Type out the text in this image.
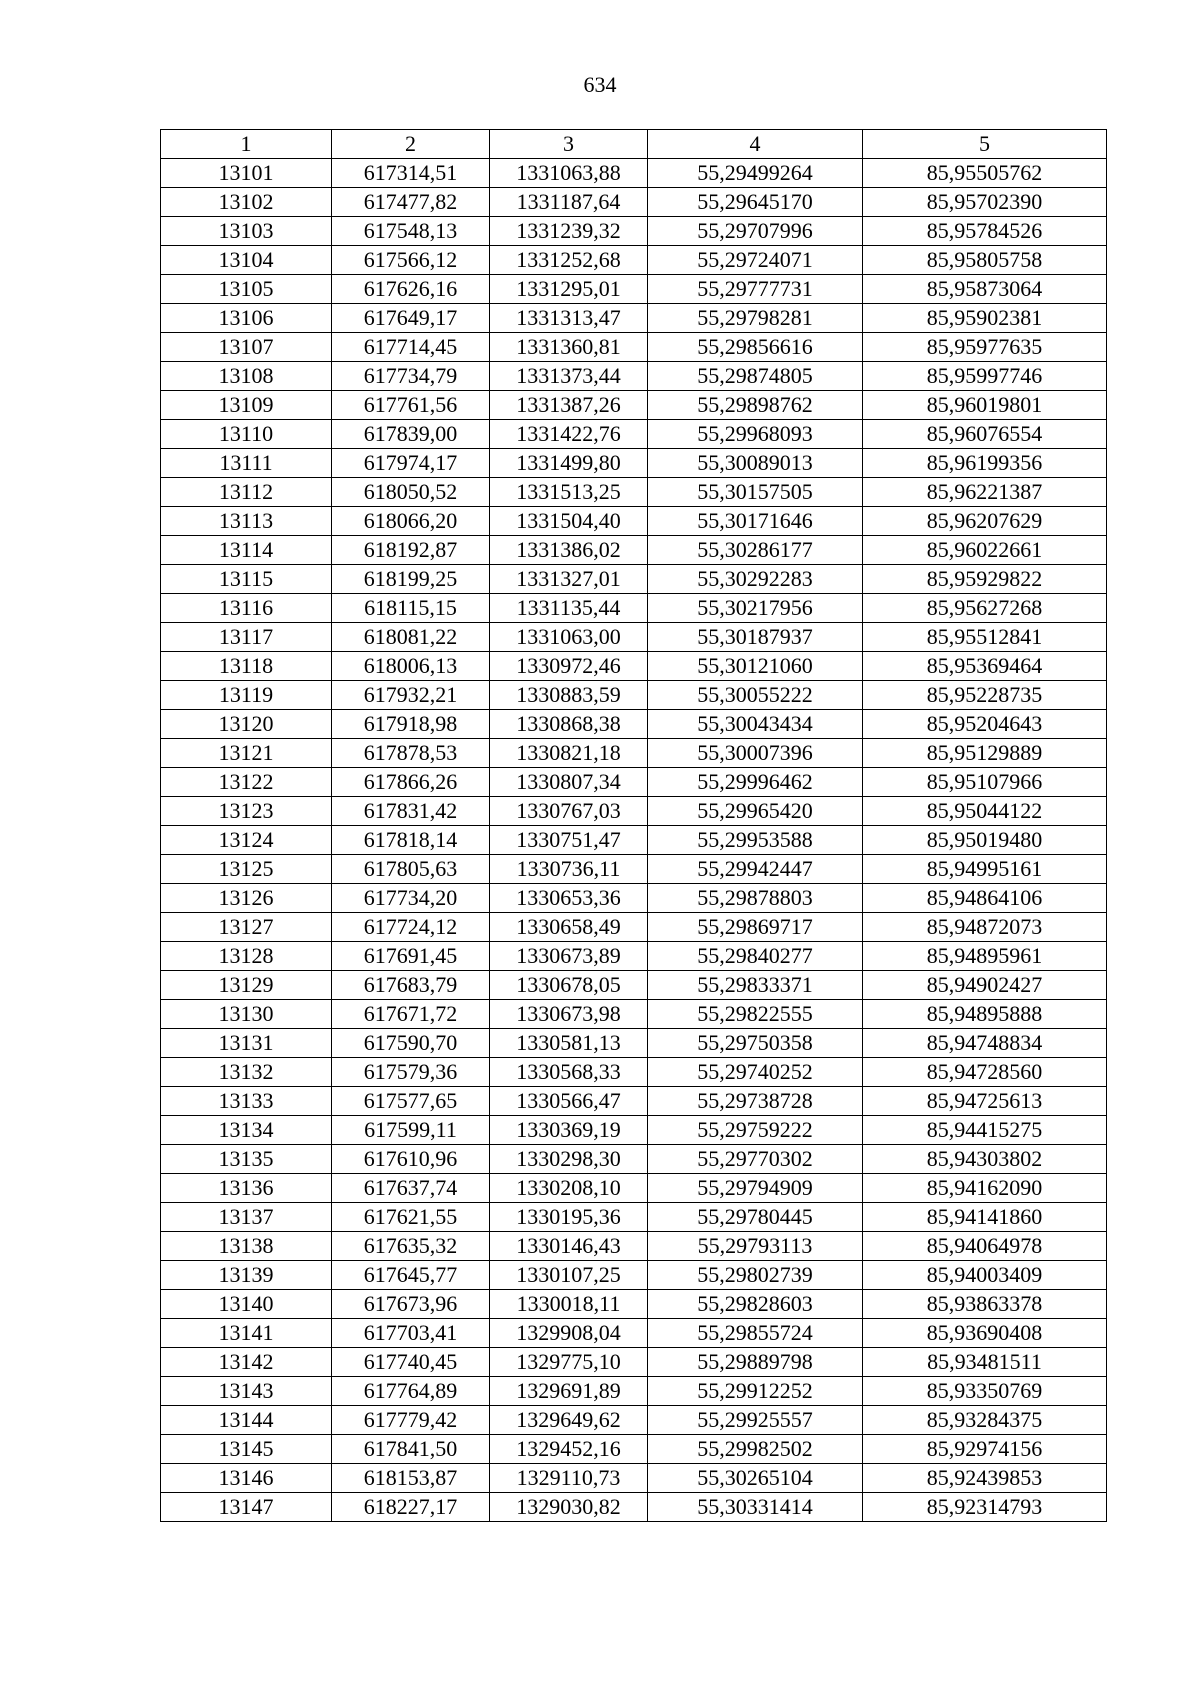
634
1	2	3	4	5
13101	617314,51	1331063,88	55,29499264	85,95505762
13102	617477,82	1331187,64	55,29645170	85,95702390
13103	617548,13	1331239,32	55,29707996	85,95784526
13104	617566,12	1331252,68	55,29724071	85,95805758
13105	617626,16	1331295,01	55,29777731	85,95873064
13106	617649,17	1331313,47	55,29798281	85,95902381
13107	617714,45	1331360,81	55,29856616	85,95977635
13108	617734,79	1331373,44	55,29874805	85,95997746
13109	617761,56	1331387,26	55,29898762	85,96019801
13110	617839,00	1331422,76	55,29968093	85,96076554
13111	617974,17	1331499,80	55,30089013	85,96199356
13112	618050,52	1331513,25	55,30157505	85,96221387
13113	618066,20	1331504,40	55,30171646	85,96207629
13114	618192,87	1331386,02	55,30286177	85,96022661
13115	618199,25	1331327,01	55,30292283	85,95929822
13116	618115,15	1331135,44	55,30217956	85,95627268
13117	618081,22	1331063,00	55,30187937	85,95512841
13118	618006,13	1330972,46	55,30121060	85,95369464
13119	617932,21	1330883,59	55,30055222	85,95228735
13120	617918,98	1330868,38	55,30043434	85,95204643
13121	617878,53	1330821,18	55,30007396	85,95129889
13122	617866,26	1330807,34	55,29996462	85,95107966
13123	617831,42	1330767,03	55,29965420	85,95044122
13124	617818,14	1330751,47	55,29953588	85,95019480
13125	617805,63	1330736,11	55,29942447	85,94995161
13126	617734,20	1330653,36	55,29878803	85,94864106
13127	617724,12	1330658,49	55,29869717	85,94872073
13128	617691,45	1330673,89	55,29840277	85,94895961
13129	617683,79	1330678,05	55,29833371	85,94902427
13130	617671,72	1330673,98	55,29822555	85,94895888
13131	617590,70	1330581,13	55,29750358	85,94748834
13132	617579,36	1330568,33	55,29740252	85,94728560
13133	617577,65	1330566,47	55,29738728	85,94725613
13134	617599,11	1330369,19	55,29759222	85,94415275
13135	617610,96	1330298,30	55,29770302	85,94303802
13136	617637,74	1330208,10	55,29794909	85,94162090
13137	617621,55	1330195,36	55,29780445	85,94141860
13138	617635,32	1330146,43	55,29793113	85,94064978
13139	617645,77	1330107,25	55,29802739	85,94003409
13140	617673,96	1330018,11	55,29828603	85,93863378
13141	617703,41	1329908,04	55,29855724	85,93690408
13142	617740,45	1329775,10	55,29889798	85,93481511
13143	617764,89	1329691,89	55,29912252	85,93350769
13144	617779,42	1329649,62	55,29925557	85,93284375
13145	617841,50	1329452,16	55,29982502	85,92974156
13146	618153,87	1329110,73	55,30265104	85,92439853
13147	618227,17	1329030,82	55,30331414	85,92314793
